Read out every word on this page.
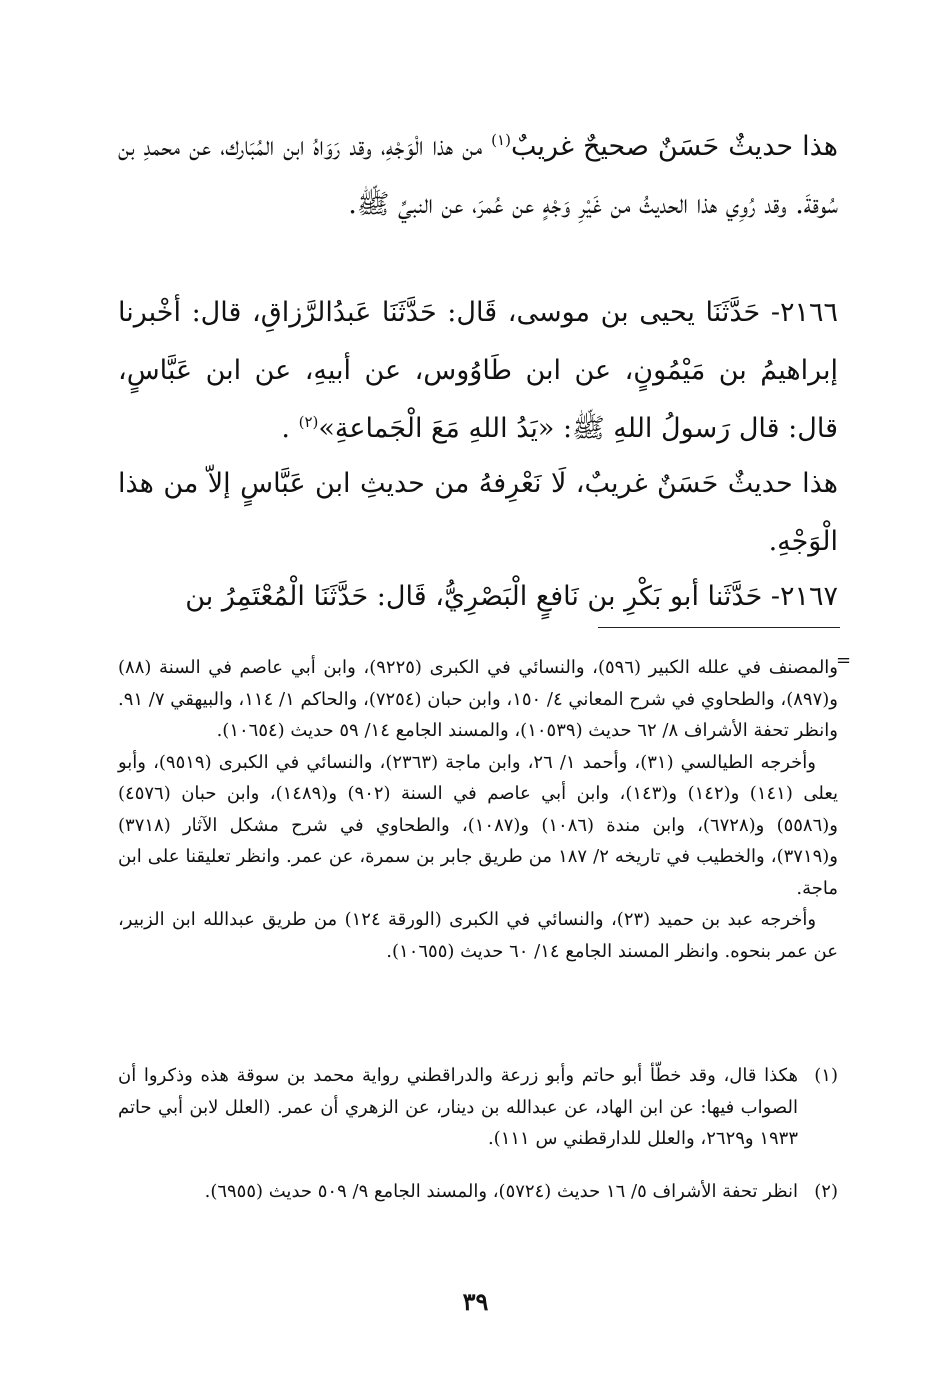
هذا حديثٌ حَسَنٌ صحيحٌ غريبٌ$^{(١)}$ من هذا الْوَجْهِ، وقد رَوَاهُ ابن المُبَارك، عن محمدِ بن سُوقةَ. وقد رُوِي هذا الحديثُ من غَيْرِ وَجْهٍ عن عُمرَ، عن النبيِّ ﷺ.
٢١٦٦- حَدَّثَنَا يحيى بن موسى، قَال: حَدَّثَنَا عَبدُالرَّزاقِ، قال: أخْبرنا إبراهيمُ بن مَيْمُونٍ، عن ابن طَاوُوس، عن أبيهِ، عن ابن عَبَّاسٍ، قال: قال رَسولُ اللهِ ﷺ: «يَدُ اللهِ مَعَ الْجَماعةِ»$^{(٢)}$ .
هذا حديثٌ حَسَنٌ غريبٌ، لَا نَعْرِفهُ من حديثِ ابن عَبَّاسٍ إلاّ من هذا الْوَجْهِ.
٢١٦٧- حَدَّثَنا أبو بَكْرِ بن نَافعٍ الْبَصْرِيُّ، قَال: حَدَّثَنَا الْمُعْتَمِرُ بن
=

والمصنف في علله الكبير (٥٩٦)، والنسائي في الكبرى (٩٢٢٥)، وابن أبي عاصم في السنة (٨٨) و(٨٩٧)، والطحاوي في شرح المعاني ٤/ ١٥٠، وابن حبان (٧٢٥٤)، والحاكم ١/ ١١٤، والبيهقي ٧/ ٩١. وانظر تحفة الأشراف ٨/ ٦٢ حديث (١٠٥٣٩)، والمسند الجامع ١٤/ ٥٩ حديث (١٠٦٥٤).

وأخرجه الطيالسي (٣١)، وأحمد ١/ ٢٦، وابن ماجة (٢٣٦٣)، والنسائي في الكبرى (٩٥١٩)، وأبو يعلى (١٤١) و(١٤٢) و(١٤٣)، وابن أبي عاصم في السنة (٩٠٢) و(١٤٨٩)، وابن حبان (٤٥٧٦) و(٥٥٨٦) و(٦٧٢٨)، وابن مندة (١٠٨٦) و(١٠٨٧)، والطحاوي في شرح مشكل الآثار (٣٧١٨) و(٣٧١٩)، والخطيب في تاريخه ٢/ ١٨٧ من طريق جابر بن سمرة، عن عمر. وانظر تعليقنا على ابن ماجة.

وأخرجه عبد بن حميد (٢٣)، والنسائي في الكبرى (الورقة ١٢٤) من طريق عبدالله ابن الزبير، عن عمر بنحوه. وانظر المسند الجامع ١٤/ ٦٠ حديث (١٠٦٥٥).

(١)
هكذا قال، وقد خطّأ أبو حاتم وأبو زرعة والدراقطني رواية محمد بن سوقة هذه وذكروا أن الصواب فيها: عن ابن الهاد، عن عبدالله بن دينار، عن الزهري أن عمر. (العلل لابن أبي حاتم ١٩٣٣ و٢٦٢٩، والعلل للدارقطني س ١١١).
(٢)
انظر تحفة الأشراف ٥/ ١٦ حديث (٥٧٢٤)، والمسند الجامع ٩/ ٥٠٩ حديث (٦٩٥٥).
٣٩
